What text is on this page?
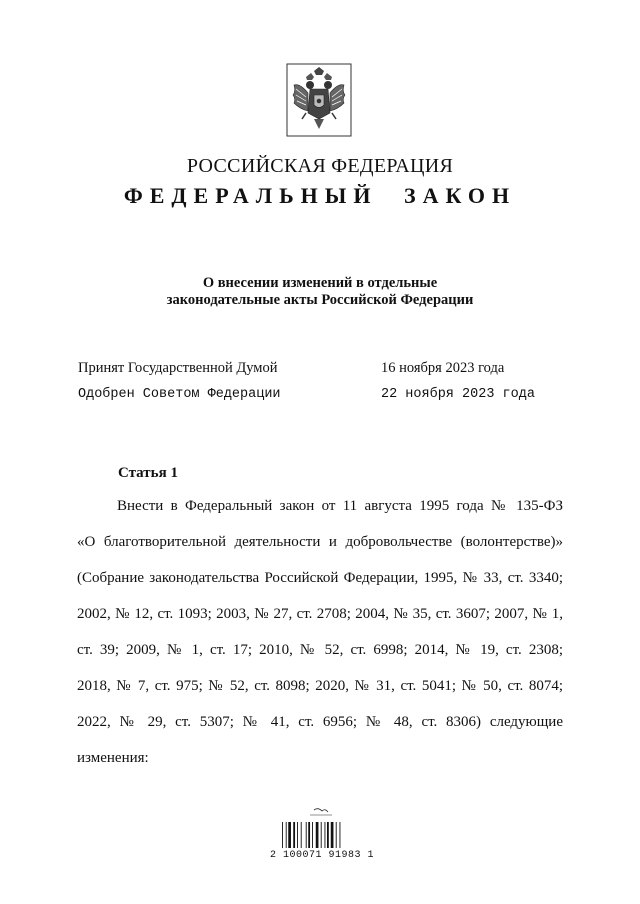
РОССИЙСКАЯ ФЕДЕРАЦИЯ
ФЕДЕРАЛЬНЫЙ ЗАКОН
О внесении изменений в отдельные
законодательные акты Российской Федерации
Принят Государственной Думой	16 ноября 2023 года
Одобрен Советом Федерации	22 ноября 2023 года
Статья 1
Внести в Федеральный закон от 11 августа 1995 года № 135-ФЗ
«О благотворительной деятельности и добровольчестве (волонтерстве)»
(Собрание законодательства Российской Федерации, 1995, № 33, ст. 3340;
2002, № 12, ст. 1093; 2003, № 27, ст. 2708; 2004, № 35, ст. 3607; 2007, № 1,
ст. 39; 2009, № 1, ст. 17; 2010, № 52, ст. 6998; 2014, № 19, ст. 2308;
2018, № 7, ст. 975; № 52, ст. 8098; 2020, № 31, ст. 5041; № 50, ст. 8074;
2022, № 29, ст. 5307; № 41, ст. 6956; № 48, ст. 8306) следующие
изменения:
2 100071 91983 1
